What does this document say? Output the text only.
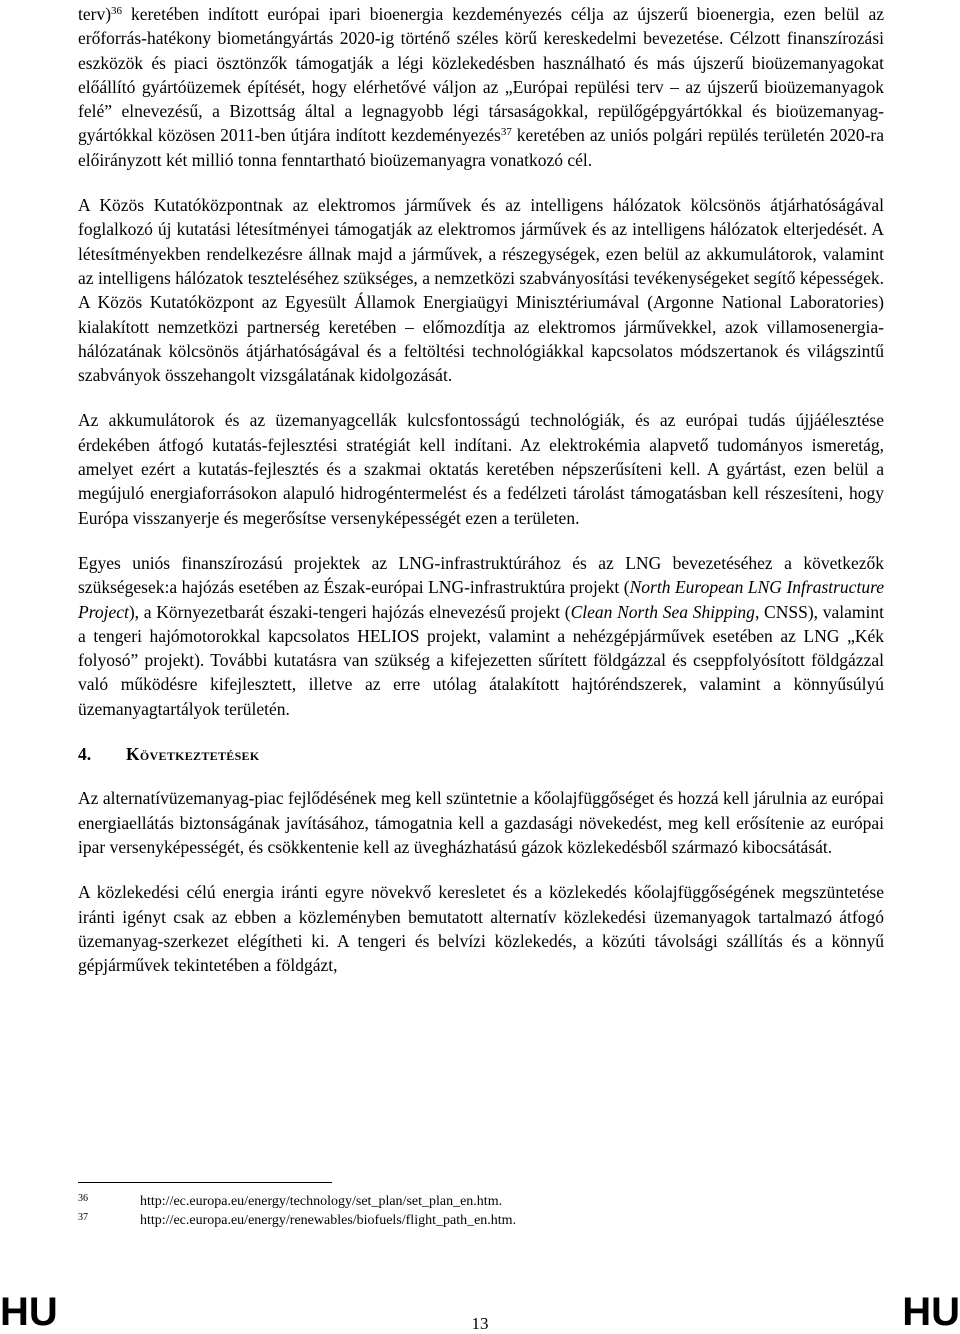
terv)$^{36}$ keretében indított európai ipari bioenergia kezdeményezés célja az újszerű bioenergia, ezen belül az erőforrás-hatékony biometángyártás 2020-ig történő széles körű kereskedelmi bevezetése. Célzott finanszírozási eszközök és piaci ösztönzők támogatják a légi közlekedésben használható és más újszerű bioüzemanyagokat előállító gyártóüzemek építését, hogy elérhetővé váljon az „Európai repülési terv – az újszerű bioüzemanyagok felé” elnevezésű, a Bizottság által a legnagyobb légi társaságokkal, repülőgépgyártókkal és bioüzemanyag-gyártókkal közösen 2011-ben útjára indított kezdeményezés$^{37}$ keretében az uniós polgári repülés területén 2020-ra előirányzott két millió tonna fenntartható bioüzemanyagra vonatkozó cél.

A Közös Kutatóközpontnak az elektromos járművek és az intelligens hálózatok kölcsönös átjárhatóságával foglalkozó új kutatási létesítményei támogatják az elektromos járművek és az intelligens hálózatok elterjedését. A létesítményekben rendelkezésre állnak majd a járművek, a részegységek, ezen belül az akkumulátorok, valamint az intelligens hálózatok teszteléséhez szükséges, a nemzetközi szabványosítási tevékenységeket segítő képességek. A Közös Kutatóközpont az Egyesült Államok Energiaügyi Minisztériumával (Argonne National Laboratories) kialakított nemzetközi partnerség keretében – előmozdítja az elektromos járművekkel, azok villamosenergia-hálózatának kölcsönös átjárhatóságával és a feltöltési technológiákkal kapcsolatos módszertanok és világszintű szabványok összehangolt vizsgálatának kidolgozását.

Az akkumulátorok és az üzemanyagcellák kulcsfontosságú technológiák, és az európai tudás újjáélesztése érdekében átfogó kutatás-fejlesztési stratégiát kell indítani. Az elektrokémia alapvető tudományos ismeretág, amelyet ezért a kutatás-fejlesztés és a szakmai oktatás keretében népszerűsíteni kell. A gyártást, ezen belül a megújuló energiaforrásokon alapuló hidrogéntermelést és a fedélzeti tárolást támogatásban kell részesíteni, hogy Európa visszanyerje és megerősítse versenyképességét ezen a területen.

Egyes uniós finanszírozású projektek az LNG-infrastruktúrához és az LNG bevezetéséhez a következők szükségesek:a hajózás esetében az Észak-európai LNG-infrastruktúra projekt (North European LNG Infrastructure Project), a Környezetbarát északi-tengeri hajózás elnevezésű projekt (Clean North Sea Shipping, CNSS), valamint a tengeri hajómotorokkal kapcsolatos HELIOS projekt, valamint a nehézgépjárművek esetében az LNG „Kék folyosó” projekt). További kutatásra van szükség a kifejezetten sűrített földgázzal és cseppfolyósított földgázzal való működésre kifejlesztett, illetve az erre utólag átalakított hajtóréndszerek, valamint a könnyűsúlyú üzemanyagtartályok területén.

4.	Következtetések

Az alternatívüzemanyag-piac fejlődésének meg kell szüntetnie a kőolajfüggőséget és hozzá kell járulnia az európai energiaellátás biztonságának javításához, támogatnia kell a gazdasági növekedést, meg kell erősítenie az európai ipar versenyképességét, és csökkentenie kell az üvegházhatású gázok közlekedésből származó kibocsátását.

A közlekedési célú energia iránti egyre növekvő keresletet és a közlekedés kőolajfüggőségének megszüntetése iránti igényt csak az ebben a közleményben bemutatott alternatív közlekedési üzemanyagok tartalmazó átfogó üzemanyag-szerkezet elégítheti ki. A tengeri és belvízi közlekedés, a közúti távolsági szállítás és a könnyű gépjárművek tekintetében a földgázt,

36	http://ec.europa.eu/energy/technology/set_plan/set_plan_en.htm.
37	http://ec.europa.eu/energy/renewables/biofuels/flight_path_en.htm.
HU	13	HU
